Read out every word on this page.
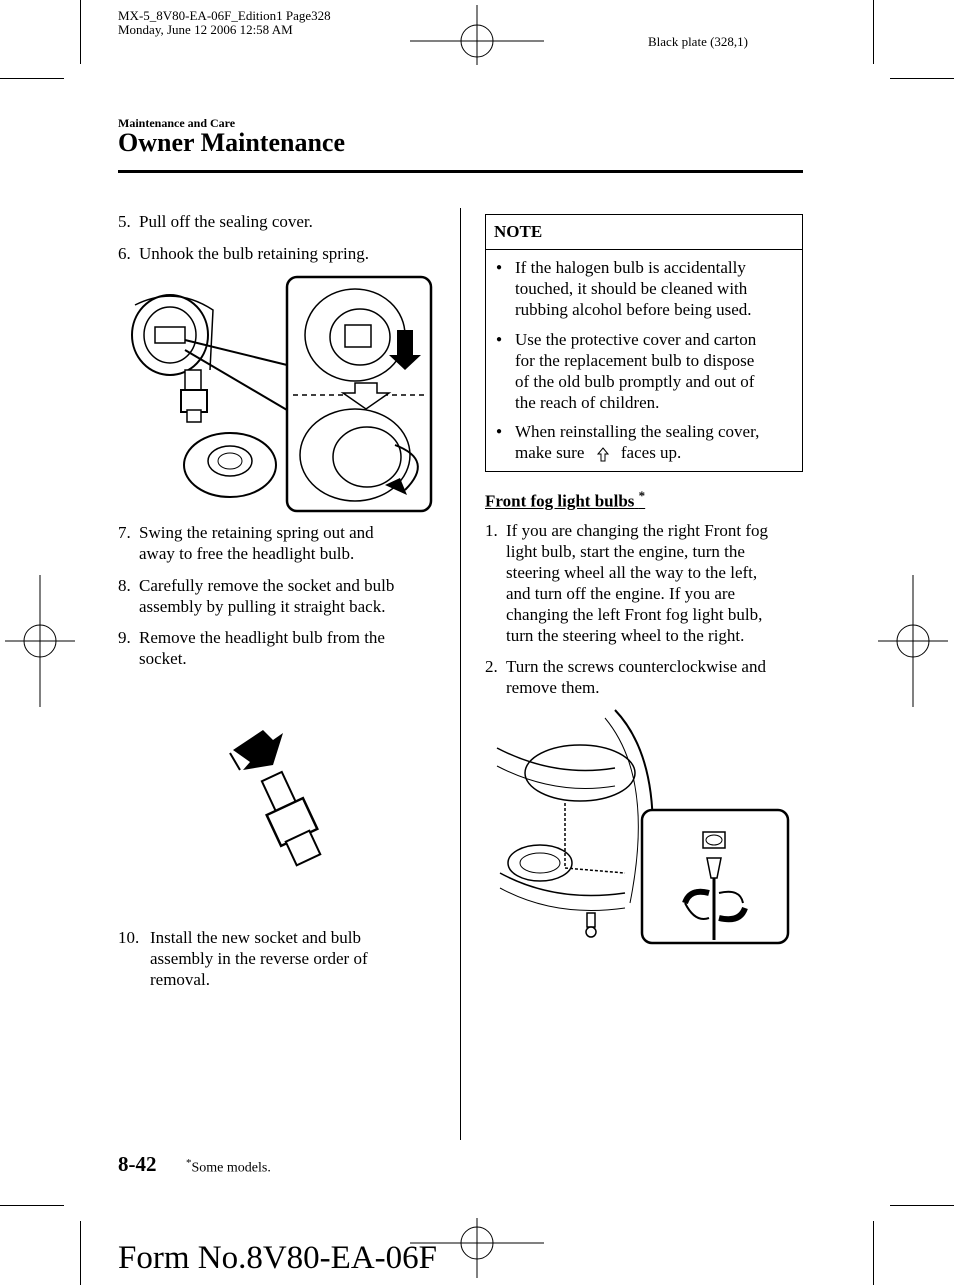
MX-5_8V80-EA-06F_Edition1 Page328
Monday, June 12 2006 12:58 AM
Black plate (328,1)
Maintenance and Care
Owner Maintenance
5. Pull off the sealing cover.
6. Unhook the bulb retaining spring.
7. Swing the retaining spring out and
away to free the headlight bulb.
8. Carefully remove the socket and bulb
assembly by pulling it straight back.
9. Remove the headlight bulb from the
socket.
10. Install the new socket and bulb
assembly in the reverse order of
removal.
NOTE
● If the halogen bulb is accidentally
touched, it should be cleaned with
rubbing alcohol before being used.
● Use the protective cover and carton
for the replacement bulb to dispose
of the old bulb promptly and out of
the reach of children.
● When reinstalling the sealing cover,
make sure faces up.
Front fog light bulbs *
1. If you are changing the right Front fog
light bulb, start the engine, turn the
steering wheel all the way to the left,
and turn off the engine. If you are
changing the left Front fog light bulb,
turn the steering wheel to the right.
2. Turn the screws counterclockwise and
remove them.
8-42	*Some models.
Form No.8V80-EA-06F
